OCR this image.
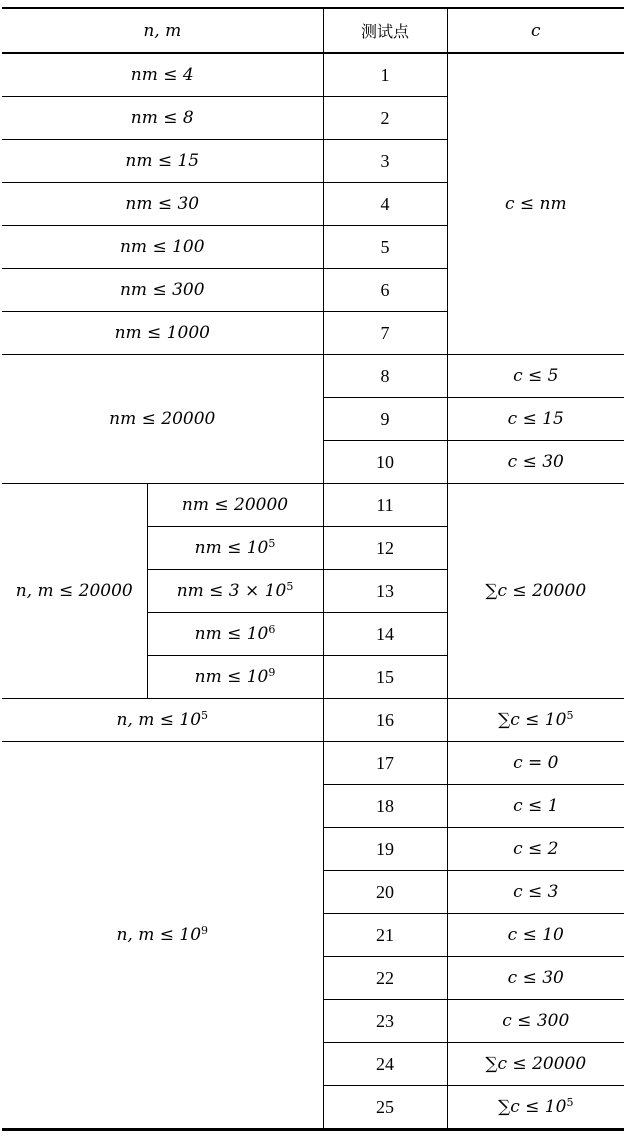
n, m		测试点	c
nm ≤ 4		1	c ≤ nm
nm ≤ 8		2	
nm ≤ 15		3	
nm ≤ 30		4	
nm ≤ 100		5	
nm ≤ 300		6	
nm ≤ 1000		7	
nm ≤ 20000		8	c ≤ 5
		9	c ≤ 15
		10	c ≤ 30
n, m ≤ 20000	nm ≤ 20000	11	∑c ≤ 20000
	nm ≤ $10^5$	12	
	nm ≤ $3 \times 10^5$	13	
	nm ≤ $10^6$	14	
	nm ≤ $10^9$	15	
n, $m \le 10^5$		16	$\sum c \le 10^5$
n, $m \le 10^9$		17	c = 0
		18	c ≤ 1
		19	c ≤ 2
		20	c ≤ 3
		21	c ≤ 10
		22	c ≤ 30
		23	c ≤ 300
		24	∑c ≤ 20000
		25	$\sum c \le 10^5$
